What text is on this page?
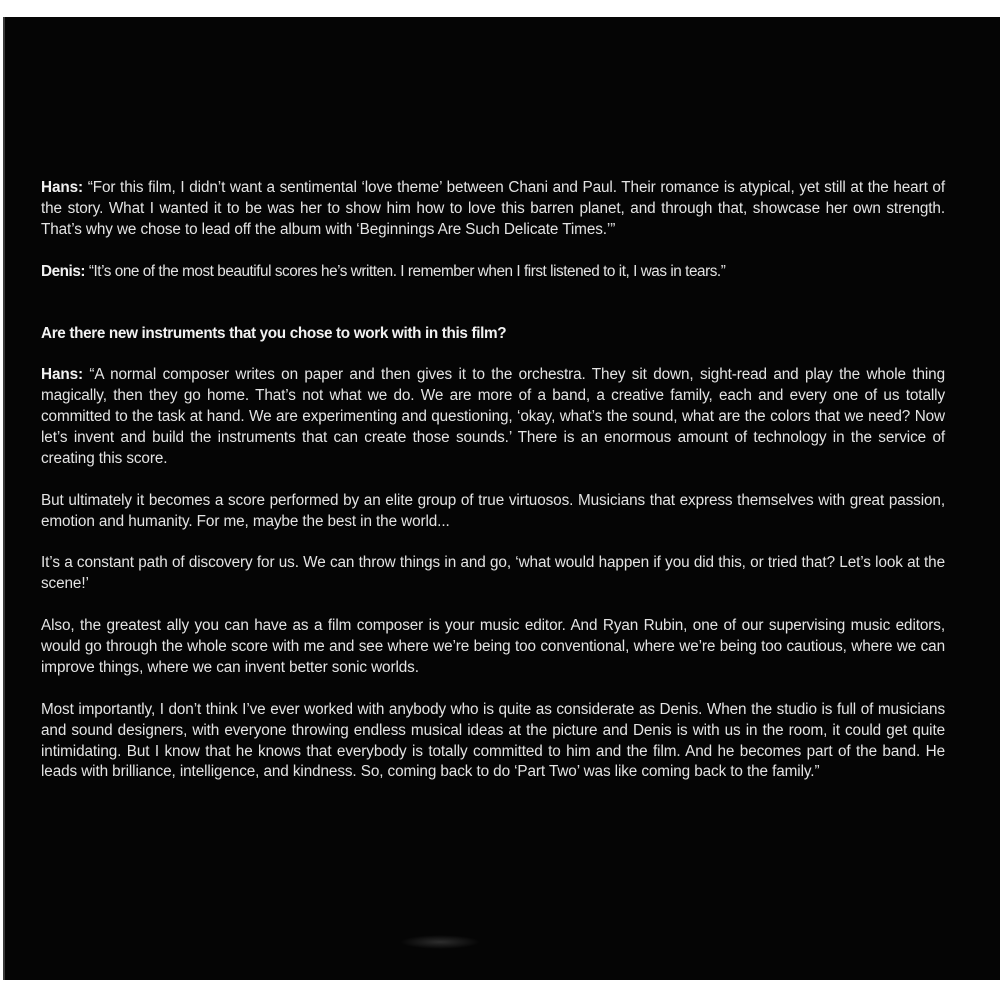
Hans: “For this film, I didn’t want a sentimental ‘love theme’ between Chani and Paul. Their romance is atypical, yet still at the heart of the story. What I wanted it to be was her to show him how to love this barren planet, and through that, showcase her own strength. That’s why we chose to lead off the album with ‘Beginnings Are Such Delicate Times.’”

Denis: “It’s one of the most beautiful scores he’s written. I remember when I first listened to it, I was in tears.”

Are there new instruments that you chose to work with in this film?

Hans: “A normal composer writes on paper and then gives it to the orchestra. They sit down, sight-read and play the whole thing magically, then they go home. That’s not what we do. We are more of a band, a creative family, each and every one of us totally committed to the task at hand. We are experimenting and questioning, ‘okay, what’s the sound, what are the colors that we need? Now let’s invent and build the instruments that can create those sounds.’ There is an enormous amount of technology in the service of creating this score.

But ultimately it becomes a score performed by an elite group of true virtuosos. Musicians that express themselves with great passion, emotion and humanity. For me, maybe the best in the world...

It’s a constant path of discovery for us. We can throw things in and go, ‘what would happen if you did this, or tried that? Let’s look at the scene!’

Also, the greatest ally you can have as a film composer is your music editor. And Ryan Rubin, one of our supervising music editors, would go through the whole score with me and see where we’re being too conventional, where we’re being too cautious, where we can improve things, where we can invent better sonic worlds.

Most importantly, I don’t think I’ve ever worked with anybody who is quite as considerate as Denis. When the studio is full of musicians and sound designers, with everyone throwing endless musical ideas at the picture and Denis is with us in the room, it could get quite intimidating. But I know that he knows that everybody is totally committed to him and the film. And he becomes part of the band. He leads with brilliance, intelligence, and kindness. So, coming back to do ‘Part Two’ was like coming back to the family.”
